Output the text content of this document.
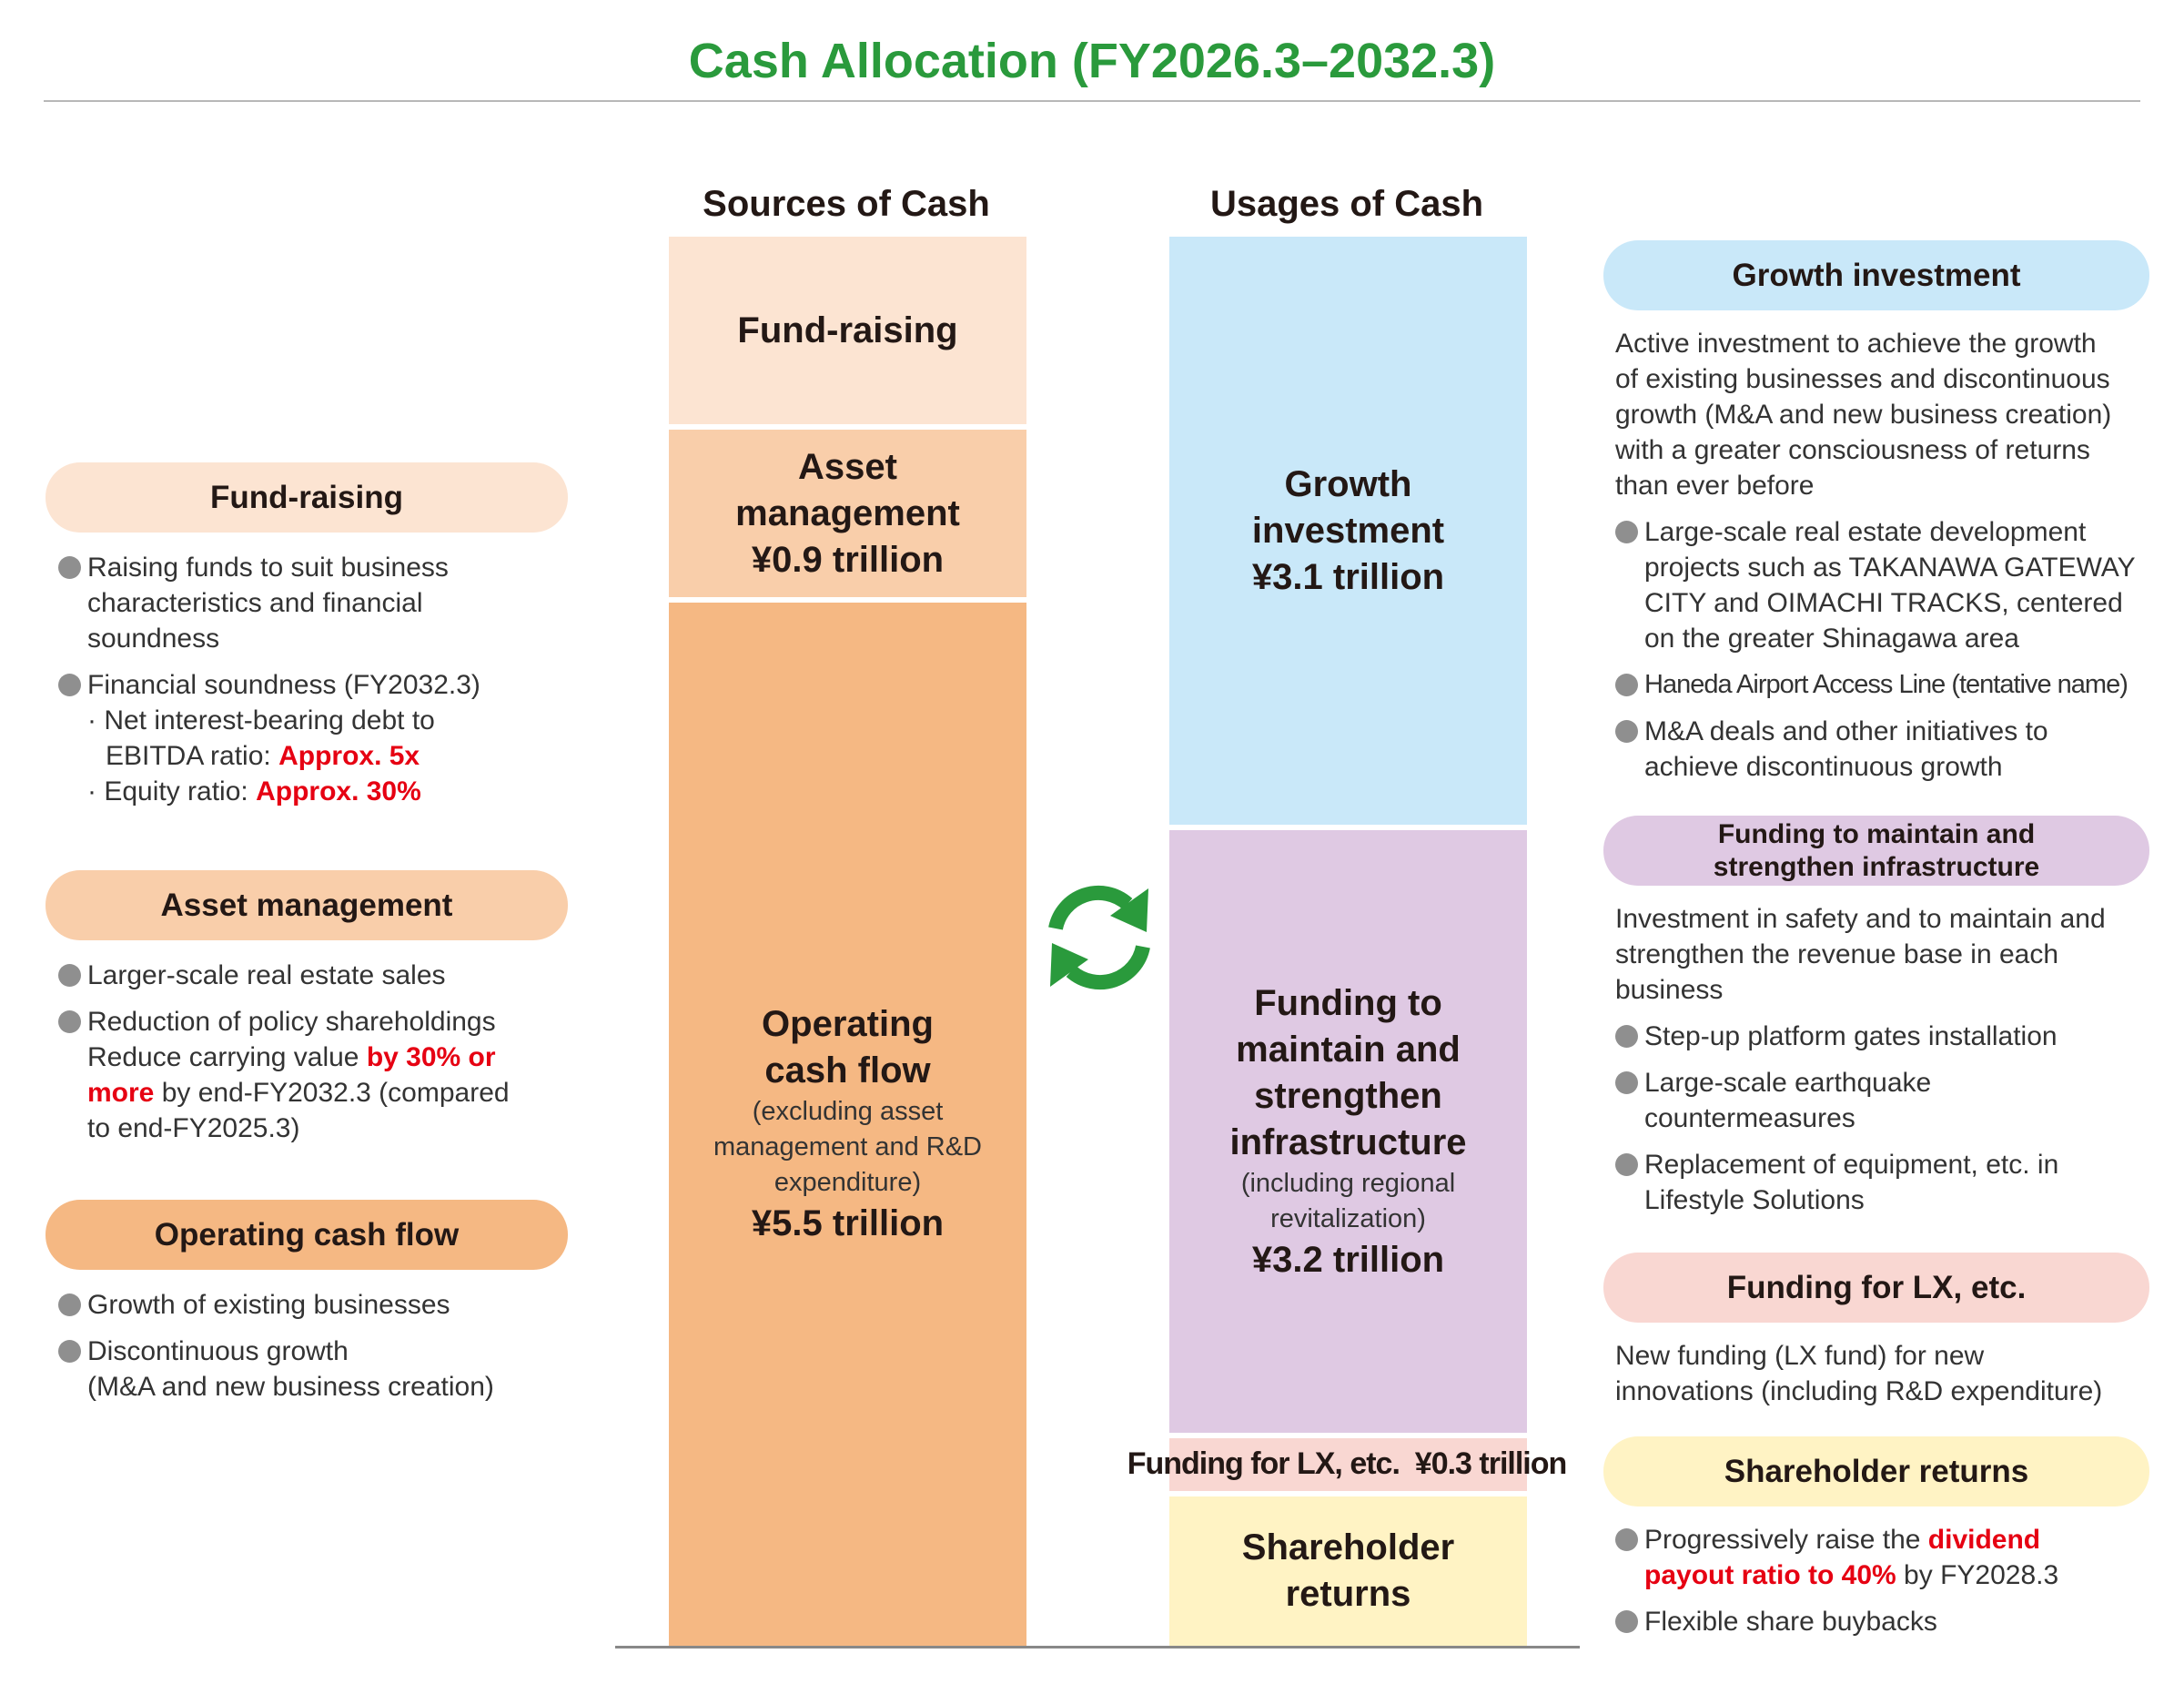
Cash Allocation (FY2026.3–2032.3)
Sources of Cash	Usages of Cash
Fund-raising
Asset
management
¥0.9 trillion
Operating
cash flow
(excluding asset
management and R&D
expenditure)
¥5.5 trillion
Growth
investment
¥3.1 trillion
Funding to
maintain and
strengthen
infrastructure
(including regional
revitalization)
¥3.2 trillion
Funding for LX, etc.  ¥0.3 trillion
Shareholder
returns
Fund-raising
Raising funds to suit business
characteristics and financial
soundness
Financial soundness (FY2032.3)
· Net interest-bearing debt to
EBITDA ratio: Approx. 5x
· Equity ratio: Approx. 30%
Asset management
Larger-scale real estate sales
Reduction of policy shareholdings
Reduce carrying value by 30% or
more by end-FY2032.3 (compared
to end-FY2025.3)
Operating cash flow
Growth of existing businesses
Discontinuous growth
(M&A and new business creation)
Growth investment
Active investment to achieve the growth
of existing businesses and discontinuous
growth (M&A and new business creation)
with a greater consciousness of returns
than ever before
Large-scale real estate development
projects such as TAKANAWA GATEWAY
CITY and OIMACHI TRACKS, centered
on the greater Shinagawa area
Haneda Airport Access Line (tentative name)
M&A deals and other initiatives to
achieve discontinuous growth
Funding to maintain and
strengthen infrastructure
Investment in safety and to maintain and
strengthen the revenue base in each
business
Step-up platform gates installation
Large-scale earthquake
countermeasures
Replacement of equipment, etc. in
Lifestyle Solutions
Funding for LX, etc.
New funding (LX fund) for new
innovations (including R&D expenditure)
Shareholder returns
Progressively raise the dividend
payout ratio to 40% by FY2028.3
Flexible share buybacks
